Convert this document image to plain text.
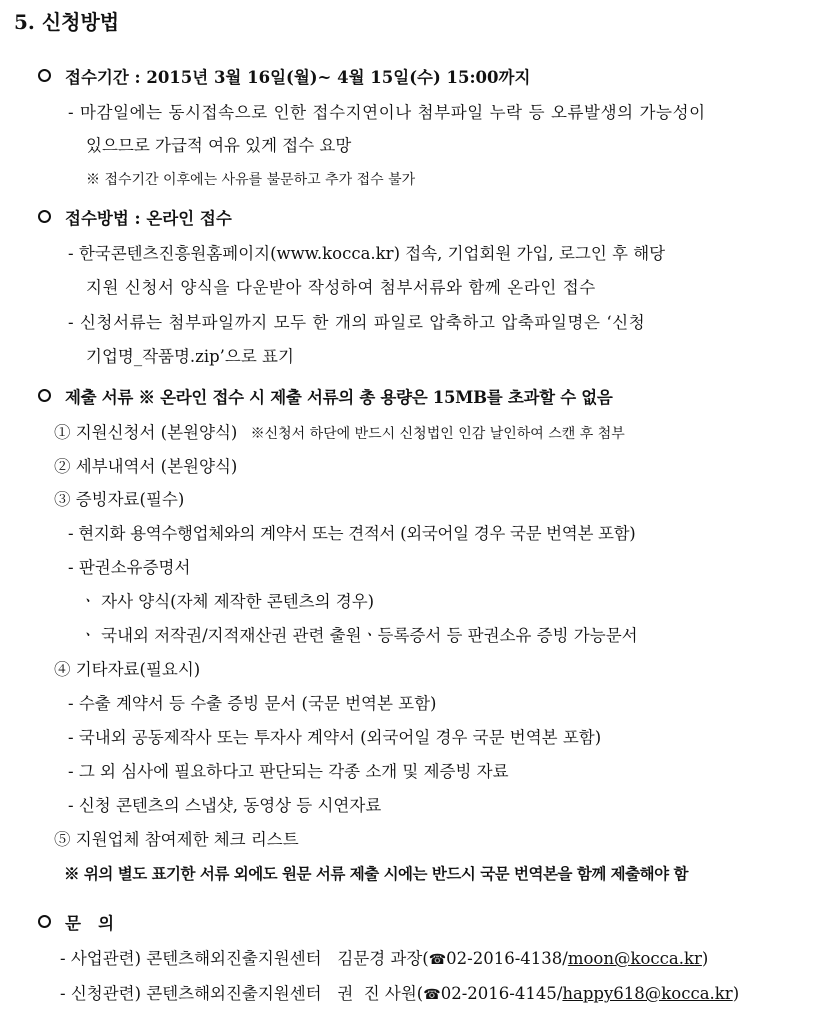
5. 신청방법
접수기간 : 2015년 3월 16일(월)~ 4월 15일(수) 15:00까지
- 마감일에는 동시접속으로 인한 접수지연이나 첨부파일 누락 등 오류발생의 가능성이
있으므로 가급적 여유 있게 접수 요망
※ 접수기간 이후에는 사유를 불문하고 추가 접수 불가
접수방법 : 온라인 접수
- 한국콘텐츠진흥원홈페이지(www.kocca.kr) 접속, 기업회원 가입, 로그인 후 해당
지원 신청서 양식을 다운받아 작성하여 첨부서류와 함께 온라인 접수
- 신청서류는 첨부파일까지 모두 한 개의 파일로 압축하고 압축파일명은 ‘신청
기업명_작품명.zip’으로 표기
제출 서류 ※ 온라인 접수 시 제출 서류의 총 용량은 15MB를 초과할 수 없음
① 지원신청서 (본원양식) ※신청서 하단에 반드시 신청법인 인감 날인하여 스캔 후 첨부
② 세부내역서 (본원양식)
③ 증빙자료(필수)
- 현지화 용역수행업체와의 계약서 또는 견적서 (외국어일 경우 국문 번역본 포함)
- 판권소유증명서
ㆍ 자사 양식(자체 제작한 콘텐츠의 경우)
ㆍ 국내외 저작권/지적재산권 관련 출원ㆍ등록증서 등 판권소유 증빙 가능문서
④ 기타자료(필요시)
- 수출 계약서 등 수출 증빙 문서 (국문 번역본 포함)
- 국내외 공동제작사 또는 투자사 계약서 (외국어일 경우 국문 번역본 포함)
- 그 외 심사에 필요하다고 판단되는 각종 소개 및 제증빙 자료
- 신청 콘텐츠의 스냅샷, 동영상 등 시연자료
⑤ 지원업체 참여제한 체크 리스트
※ 위의 별도 표기한 서류 외에도 원문 서류 제출 시에는 반드시 국문 번역본을 함께 제출해야 함
문   의
- 사업관련) 콘텐츠해외진출지원센터   김문경 과장(☎02-2016-4138/moon@kocca.kr)
- 신청관련) 콘텐츠해외진출지원센터   권  진 사원(☎02-2016-4145/happy618@kocca.kr)
